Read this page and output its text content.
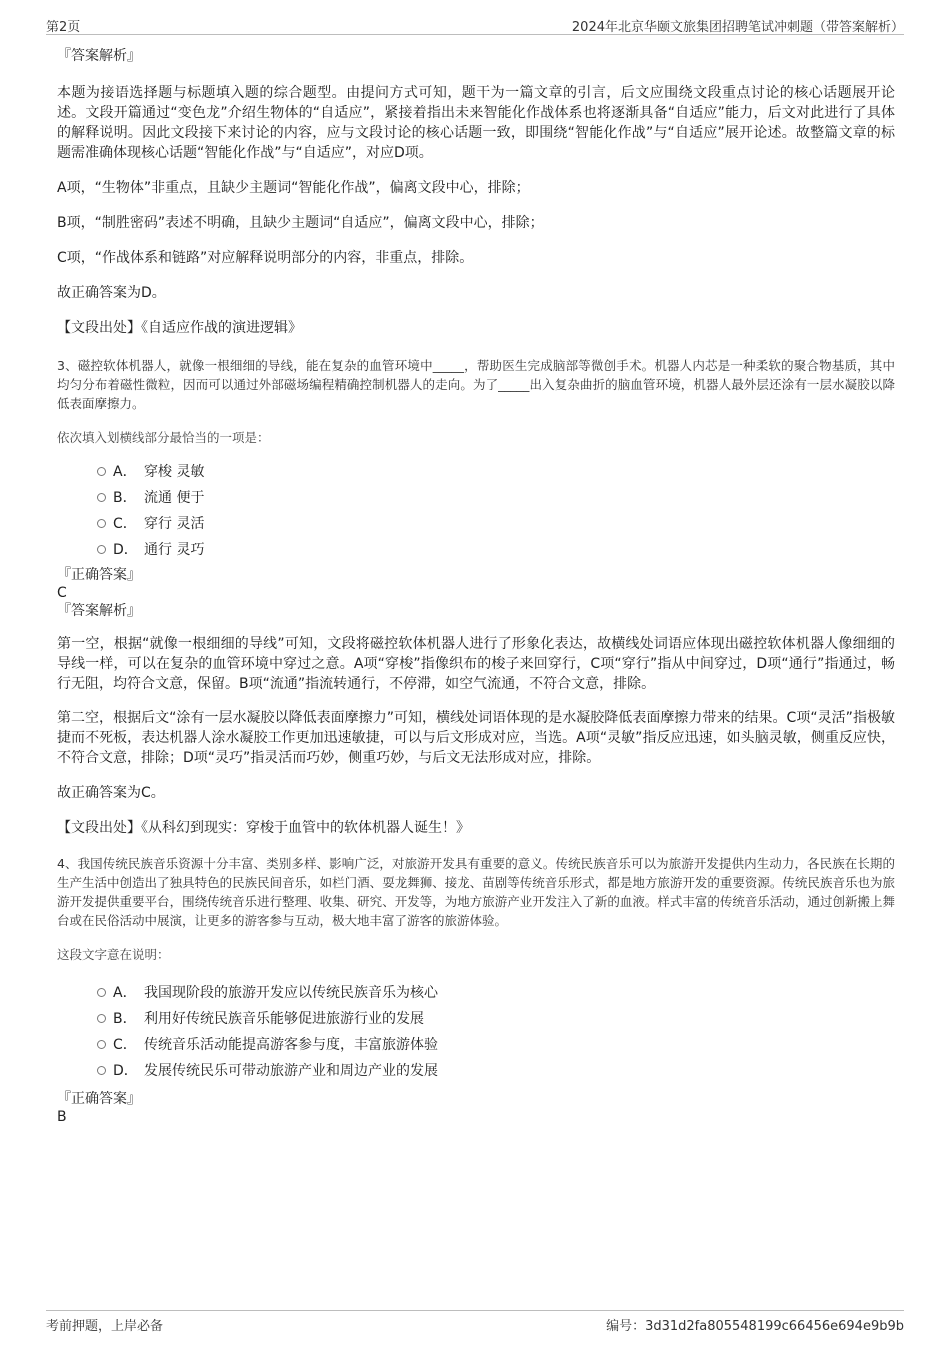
第2页	2024年北京华颐文旅集团招聘笔试冲刺题（带答案解析）

『答案解析』

本题为接语选择题与标题填入题的综合题型。由提问方式可知，题干为一篇文章的引言，后文应围绕文段重点讨论的核心话题展开论述。文段开篇通过“变色龙”介绍生物体的“自适应”，紧接着指出未来智能化作战体系也将逐渐具备“自适应”能力，后文对此进行了具体的解释说明。因此文段接下来讨论的内容，应与文段讨论的核心话题一致，即围绕“智能化作战”与“自适应”展开论述。故整篇文章的标题需准确体现核心话题“智能化作战”与“自适应”，对应D项。

A项，“生物体”非重点，且缺少主题词“智能化作战”，偏离文段中心，排除；

B项，“制胜密码”表述不明确，且缺少主题词“自适应”，偏离文段中心，排除；

C项，“作战体系和链路”对应解释说明部分的内容，非重点，排除。

故正确答案为D。

【文段出处】《自适应作战的演进逻辑》

3、磁控软体机器人，就像一根细细的导线，能在复杂的血管环境中_____，帮助医生完成脑部等微创手术。机器人内芯是一种柔软的聚合物基质，其中均匀分布着磁性微粒，因而可以通过外部磁场编程精确控制机器人的走向。为了_____出入复杂曲折的脑血管环境，机器人最外层还涂有一层水凝胶以降低表面摩擦力。

依次填入划横线部分最恰当的一项是：

A． 穿梭 灵敏
B． 流通 便于
C． 穿行 灵活
D． 通行 灵巧

『正确答案』

C

『答案解析』

第一空，根据“就像一根细细的导线”可知，文段将磁控软体机器人进行了形象化表达，故横线处词语应体现出磁控软体机器人像细细的导线一样，可以在复杂的血管环境中穿过之意。A项“穿梭”指像织布的梭子来回穿行，C项“穿行”指从中间穿过，D项“通行”指通过，畅行无阻，均符合文意，保留。B项“流通”指流转通行，不停滞，如空气流通，不符合文意，排除。

第二空，根据后文“涂有一层水凝胶以降低表面摩擦力”可知，横线处词语体现的是水凝胶降低表面摩擦力带来的结果。C项“灵活”指极敏捷而不死板，表达机器人涂水凝胶工作更加迅速敏捷，可以与后文形成对应，当选。A项“灵敏”指反应迅速，如头脑灵敏，侧重反应快，不符合文意，排除；D项“灵巧”指灵活而巧妙，侧重巧妙，与后文无法形成对应，排除。

故正确答案为C。

【文段出处】《从科幻到现实：穿梭于血管中的软体机器人诞生！》

4、我国传统民族音乐资源十分丰富、类别多样、影响广泛，对旅游开发具有重要的意义。传统民族音乐可以为旅游开发提供内生动力，各民族在长期的生产生活中创造出了独具特色的民族民间音乐，如栏门酒、耍龙舞狮、接龙、苗剧等传统音乐形式，都是地方旅游开发的重要资源。传统民族音乐也为旅游开发提供重要平台，围绕传统音乐进行整理、收集、研究、开发等，为地方旅游产业开发注入了新的血液。样式丰富的传统音乐活动，通过创新搬上舞台或在民俗活动中展演，让更多的游客参与互动，极大地丰富了游客的旅游体验。

这段文字意在说明：

A． 我国现阶段的旅游开发应以传统民族音乐为核心
B． 利用好传统民族音乐能够促进旅游行业的发展
C． 传统音乐活动能提高游客参与度，丰富旅游体验
D． 发展传统民乐可带动旅游产业和周边产业的发展

『正确答案』

B

考前押题，上岸必备	编号：3d31d2fa805548199c66456e694e9b9b
